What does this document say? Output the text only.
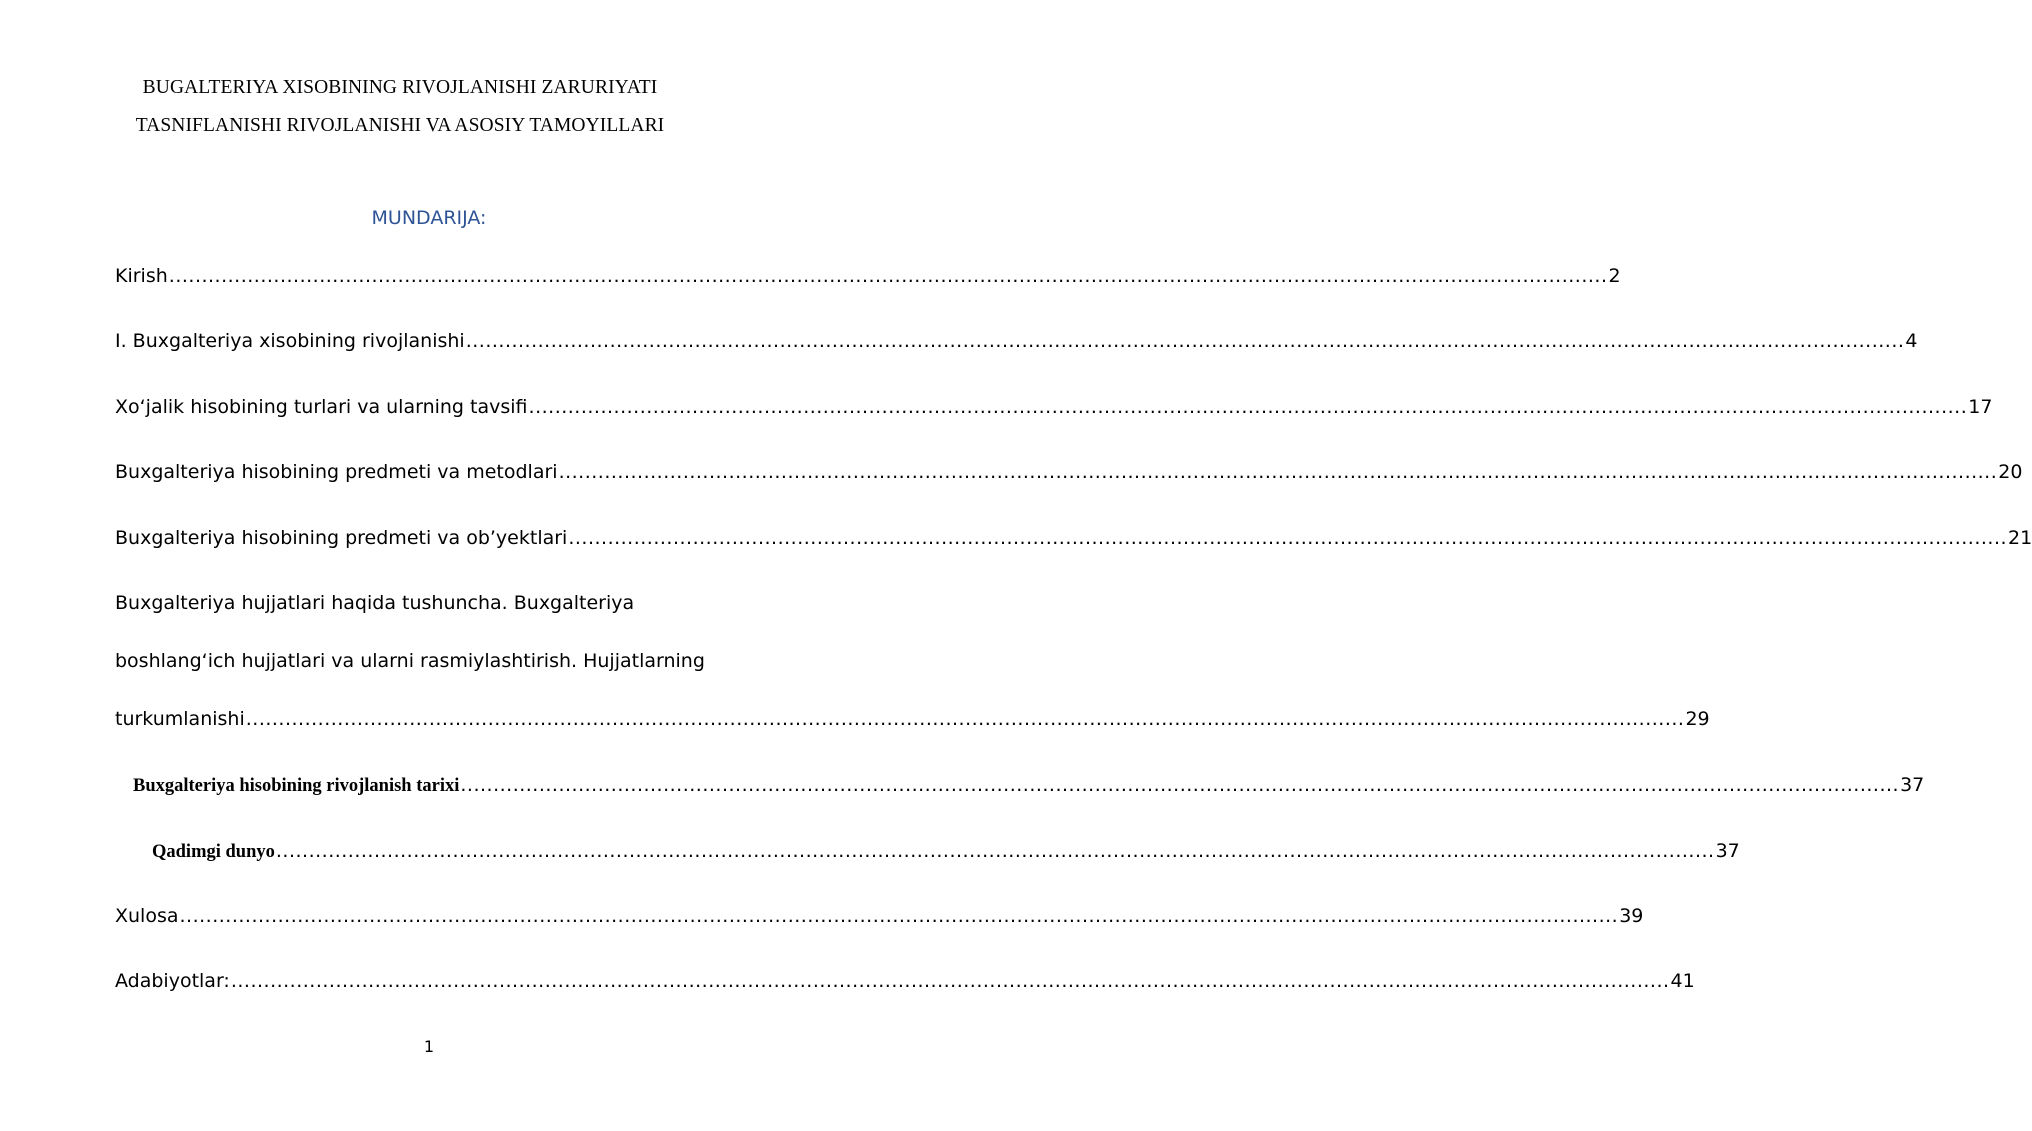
BUGALTERIYA XISOBINING RIVOJLANISHI ZARURIYATI
TASNIFLANISHI RIVOJLANISHI VA ASOSIY TAMOYILLARI
MUNDARIJA:
Kirish ............................................................................................................................................................................................................................ 2
I. Buxgalteriya xisobining rivojlanishi ............................................................................................................................................................................................................................ 4
Xo‘jalik hisobining turlari va ularning tavsifi ............................................................................................................................................................................................................................ 17
Buxgalteriya hisobining predmeti va metodlari ............................................................................................................................................................................................................................ 20
Buxgalteriya hisobining predmeti va ob’yektlari ............................................................................................................................................................................................................................ 21
Buxgalteriya hujjatlari haqida tushuncha. Buxgalteriya
boshlang‘ich hujjatlari va ularni rasmiylashtirish. Hujjatlarning
turkumlanishi ............................................................................................................................................................................................................................ 29
Buxgalteriya hisobining rivojlanish tarixi ............................................................................................................................................................................................................................ 37
Qadimgi dunyo ............................................................................................................................................................................................................................ 37
Xulosa ............................................................................................................................................................................................................................ 39
Adabiyotlar: ............................................................................................................................................................................................................................ 41
1
